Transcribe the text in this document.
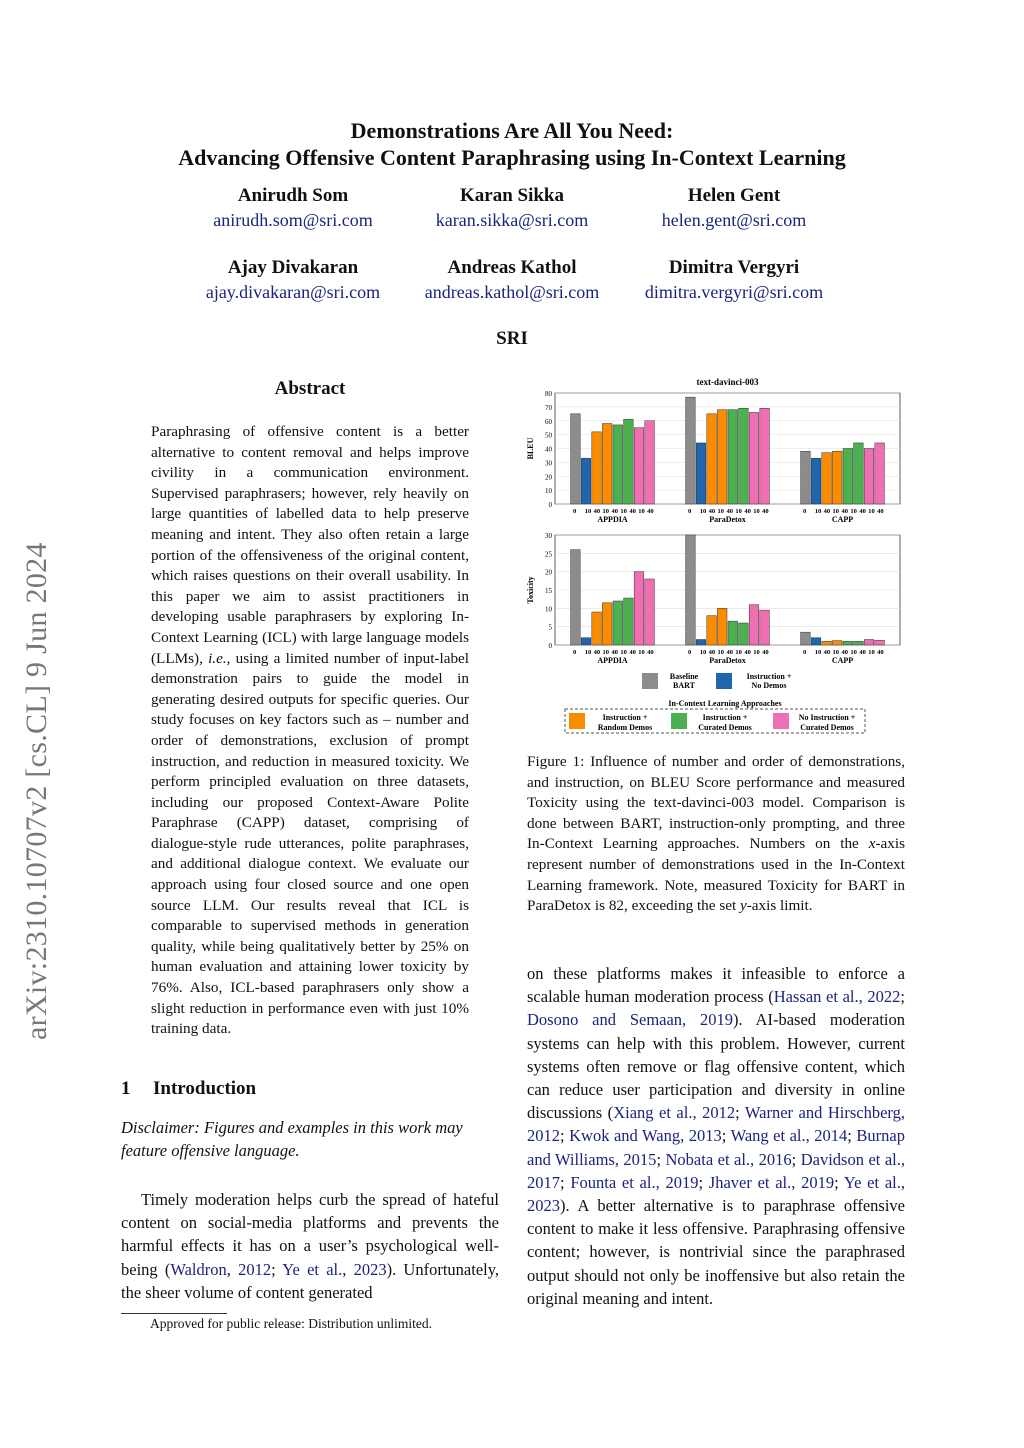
arXiv:2310.10707v2 [cs.CL] 9 Jun 2024
Demonstrations Are All You Need:
Advancing Offensive Content Paraphrasing using In-Context Learning
Anirudh Som
anirudh.som@sri.com
Karan Sikka
karan.sikka@sri.com
Helen Gent
helen.gent@sri.com
Ajay Divakaran
ajay.divakaran@sri.com
Andreas Kathol
andreas.kathol@sri.com
Dimitra Vergyri
dimitra.vergyri@sri.com
SRI
Abstract
Paraphrasing of offensive content is a better alternative to content removal and helps improve civility in a communication environment. Supervised paraphrasers; however, rely heavily on large quantities of labelled data to help preserve meaning and intent. They also often retain a large portion of the offensiveness of the original content, which raises questions on their overall usability. In this paper we aim to assist practitioners in developing usable paraphrasers by exploring In-Context Learning (ICL) with large language models (LLMs), i.e., using a limited number of input-label demonstration pairs to guide the model in generating desired outputs for specific queries. Our study focuses on key factors such as – number and order of demonstrations, exclusion of prompt instruction, and reduction in measured toxicity. We perform principled evaluation on three datasets, including our proposed Context-Aware Polite Paraphrase (CAPP) dataset, comprising of dialogue-style rude utterances, polite paraphrases, and additional dialogue context. We evaluate our approach using four closed source and one open source LLM. Our results reveal that ICL is comparable to supervised methods in generation quality, while being qualitatively better by 25% on human evaluation and attaining lower toxicity by 76%. Also, ICL-based paraphrasers only show a slight reduction in performance even with just 10% training data.
1 Introduction
Disclaimer: Figures and examples in this work may feature offensive language.
Timely moderation helps curb the spread of hateful content on social-media platforms and prevents the harmful effects it has on a user’s psychological well-being (Waldron, 2012; Ye et al., 2023). Unfortunately, the sheer volume of content generated
Approved for public release: Distribution unlimited.
0
10
20
30
40
50
60
70
80
BLEU
text-davinci-003
0 10 40 10 40 10 40 10 40
APPDIA
0 10 40 10 40 10 40 10 40
ParaDetox
0 10 40 10 40 10 40 10 40
CAPP
0
5
10
15
20
25
30
Toxicity
0 10 40 10 40 10 40 10 40
APPDIA
0 10 40 10 40 10 40 10 40
ParaDetox
0 10 40 10 40 10 40 10 40
CAPP
Baseline
BART
Instruction +
No Demos
In-Context Learning Approaches
Instruction +
Random Demos
Instruction +
Curated Demos
No Instruction +
Curated Demos
Figure 1: Influence of number and order of demonstrations, and instruction, on BLEU Score performance and measured Toxicity using the text-davinci-003 model. Comparison is done between BART, instruction-only prompting, and three In-Context Learning approaches. Numbers on the x-axis represent number of demonstrations used in the In-Context Learning framework. Note, measured Toxicity for BART in ParaDetox is 82, exceeding the set y-axis limit.
on these platforms makes it infeasible to enforce a scalable human moderation process (Hassan et al., 2022; Dosono and Semaan, 2019). AI-based moderation systems can help with this problem. However, current systems often remove or flag offensive content, which can reduce user participation and diversity in online discussions (Xiang et al., 2012; Warner and Hirschberg, 2012; Kwok and Wang, 2013; Wang et al., 2014; Burnap and Williams, 2015; Nobata et al., 2016; Davidson et al., 2017; Founta et al., 2019; Jhaver et al., 2019; Ye et al., 2023). A better alternative is to paraphrase offensive content to make it less offensive. Paraphrasing offensive content; however, is nontrivial since the paraphrased output should not only be inoffensive but also retain the original meaning and intent.
